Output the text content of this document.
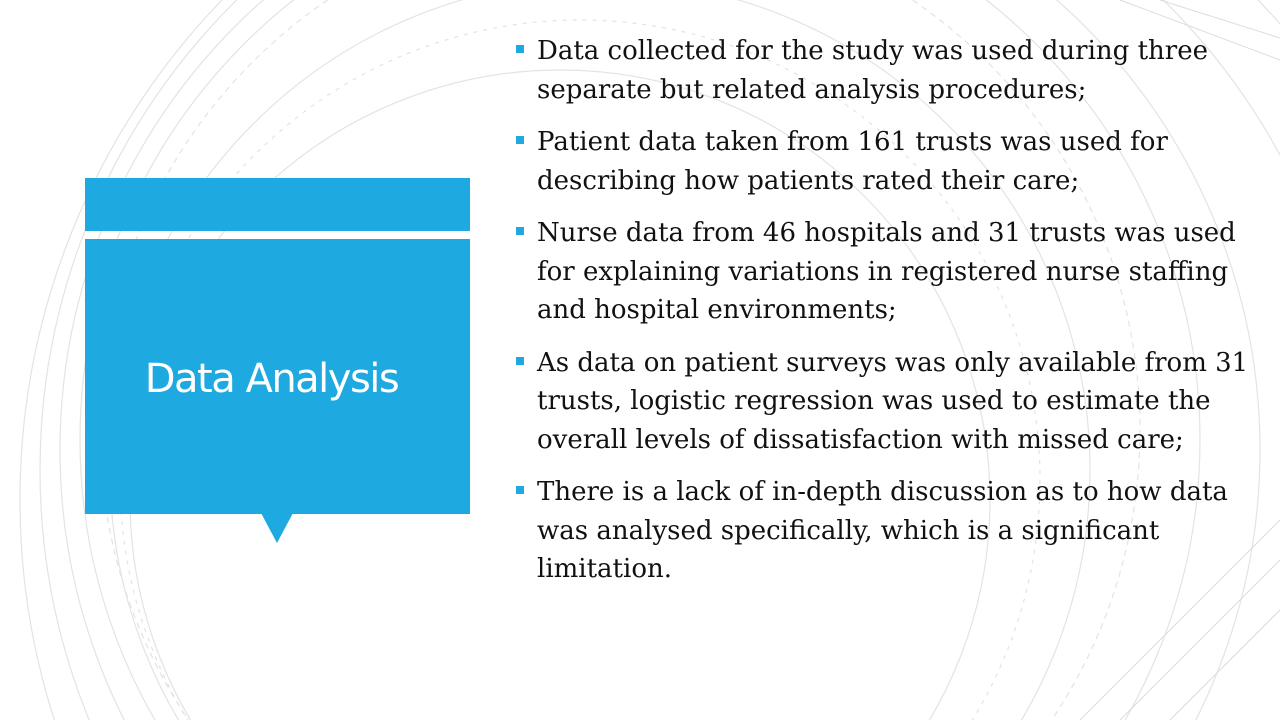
Data Analysis
Data collected for the study was used during three separate but related analysis procedures;
Patient data taken from 161 trusts was used for describing how patients rated their care;
Nurse data from 46 hospitals and 31 trusts was used for explaining variations in registered nurse staffing and hospital environments;
As data on patient surveys was only available from 31 trusts, logistic regression was used to estimate the overall levels of dissatisfaction with missed care;
There is a lack of in-depth discussion as to how data was analysed specifically, which is a significant limitation.
